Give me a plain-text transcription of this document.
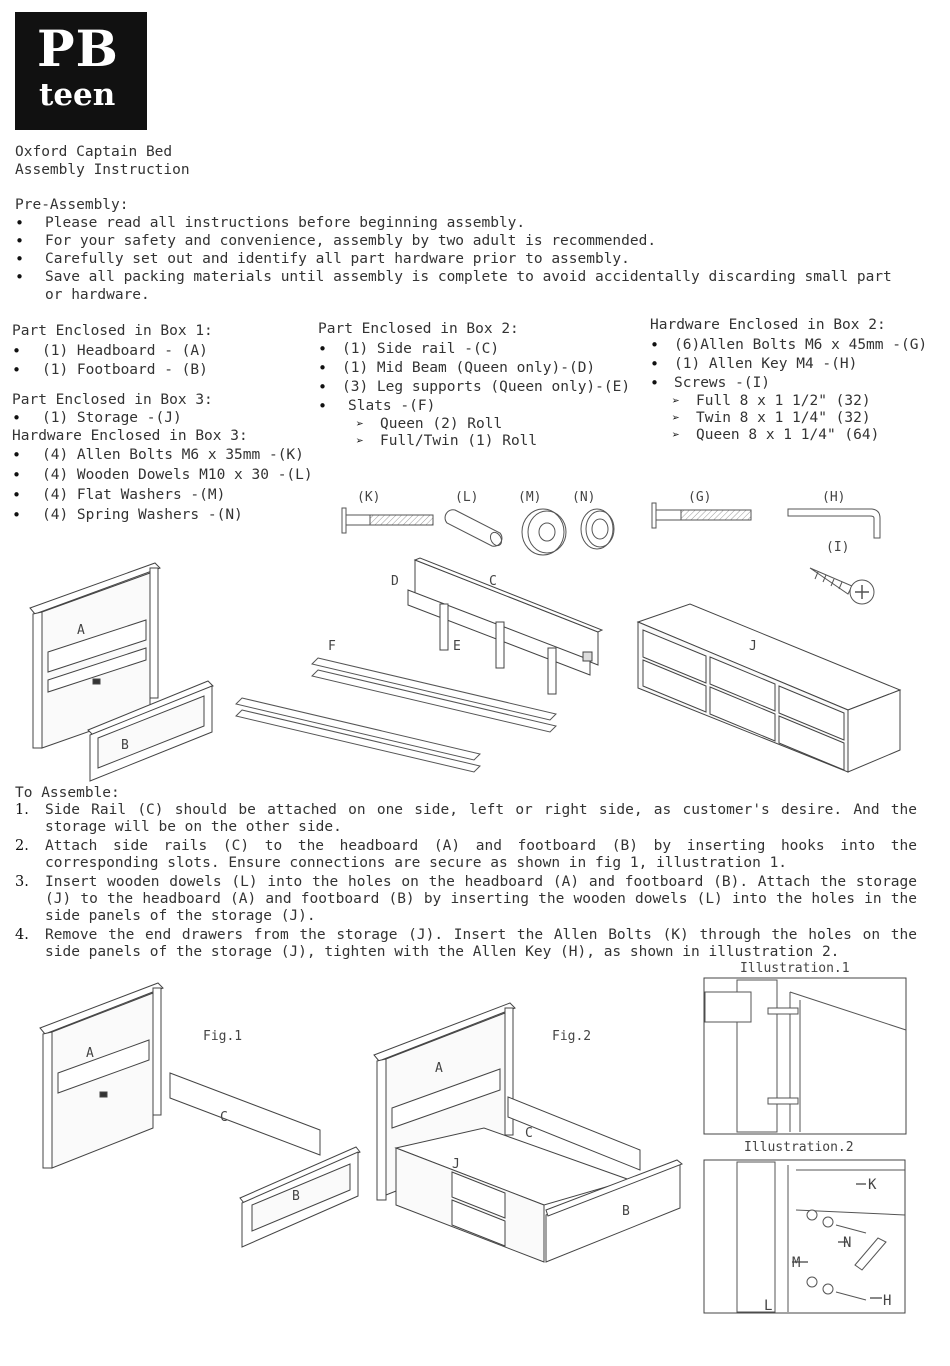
PB
teen
Oxford Captain Bed
Assembly Instruction
Pre-Assembly:
• Please read all instructions before beginning assembly.
• For your safety and convenience, assembly by two adult is recommended.
• Carefully set out and identify all part hardware prior to assembly.
• Save all packing materials until assembly is complete to avoid accidentally discarding small part
or hardware.
Part Enclosed in Box 1:
• (1) Headboard - (A)
• (1) Footboard - (B)
Part Enclosed in Box 3:
• (1) Storage -(J)
Hardware Enclosed in Box 3:
• (4) Allen Bolts M6 x 35mm -(K)
• (4) Wooden Dowels M10 x 30 -(L)
• (4) Flat Washers -(M)
• (4) Spring Washers -(N)
Part Enclosed in Box 2:
• (1) Side rail -(C)
• (1) Mid Beam (Queen only)-(D)
• (3) Leg supports (Queen only)-(E)
• Slats -(F)
➢ Queen (2) Roll
➢ Full/Twin (1) Roll
Hardware Enclosed in Box 2:
• (6)Allen Bolts M6 x 45mm -(G)
• (1) Allen Key M4 -(H)
• Screws -(I)
➢ Full 8 x 1 1/2" (32)
➢ Twin 8 x 1 1/4" (32)
➢ Queen 8 x 1 1/4" (64)
(K)	(L)	(M) (N)	(G)	(H)
(I)
A
B
C
D
E
F	J
Fig.1
A
C
B
Fig.2
A
C
J
B
K
N
M
H
L
Illustration.1
Illustration.2
To Assemble:
1. Side Rail (C) should be attached on one side, left or right side, as customer's desire. And the storage will be on the other side.
2. Attach side rails (C) to the headboard (A) and footboard (B) by inserting hooks into the corresponding slots. Ensure connections are secure as shown in fig 1, illustration 1.
3. Insert wooden dowels (L) into the holes on the headboard (A) and footboard (B). Attach the storage (J) to the headboard (A) and footboard (B) by inserting the wooden dowels (L) into the holes in the side panels of the storage (J).
4. Remove the end drawers from the storage (J). Insert the Allen Bolts (K) through the holes on the side panels of the storage (J), tighten with the Allen Key (H), as shown in illustration 2.
